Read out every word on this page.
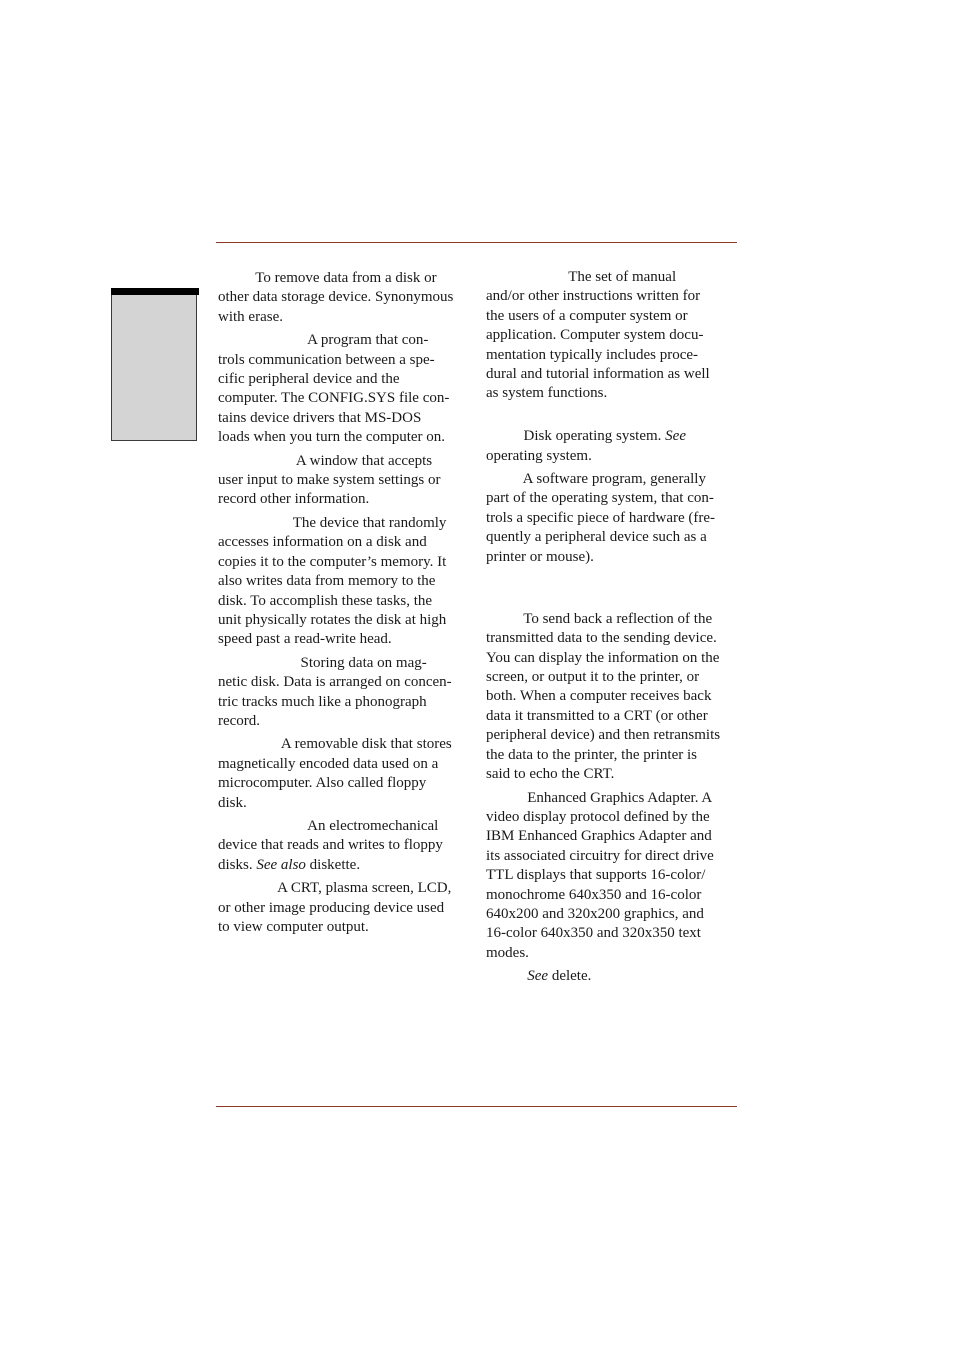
To remove data from a disk or
other data storage device. Synonymous
with erase.
A program that con-
trols communication between a spe-
cific peripheral device and the
computer. The CONFIG.SYS file con-
tains device drivers that MS-DOS
loads when you turn the computer on.
A window that accepts
user input to make system settings or
record other information.
The device that randomly
accesses information on a disk and
copies it to the computer’s memory. It
also writes data from memory to the
disk. To accomplish these tasks, the
unit physically rotates the disk at high
speed past a read-write head.
Storing data on mag-
netic disk. Data is arranged on concen-
tric tracks much like a phonograph
record.
A removable disk that stores
magnetically encoded data used on a
microcomputer. Also called floppy
disk.
An electromechanical
device that reads and writes to floppy
disks. See also diskette.
A CRT, plasma screen, LCD,
or other image producing device used
to view computer output.
The set of manual
and/or other instructions written for
the users of a computer system or
application. Computer system docu-
mentation typically includes proce-
dural and tutorial information as well
as system functions.
Disk operating system. See
operating system.
A software program, generally
part of the operating system, that con-
trols a specific piece of hardware (fre-
quently a peripheral device such as a
printer or mouse).
To send back a reflection of the
transmitted data to the sending device.
You can display the information on the
screen, or output it to the printer, or
both. When a computer receives back
data it transmitted to a CRT (or other
peripheral device) and then retransmits
the data to the printer, the printer is
said to echo the CRT.
Enhanced Graphics Adapter. A
video display protocol defined by the
IBM Enhanced Graphics Adapter and
its associated circuitry for direct drive
TTL displays that supports 16-color/
monochrome 640x350 and 16-color
640x200 and 320x200 graphics, and
16-color 640x350 and 320x350 text
modes.
See delete.
